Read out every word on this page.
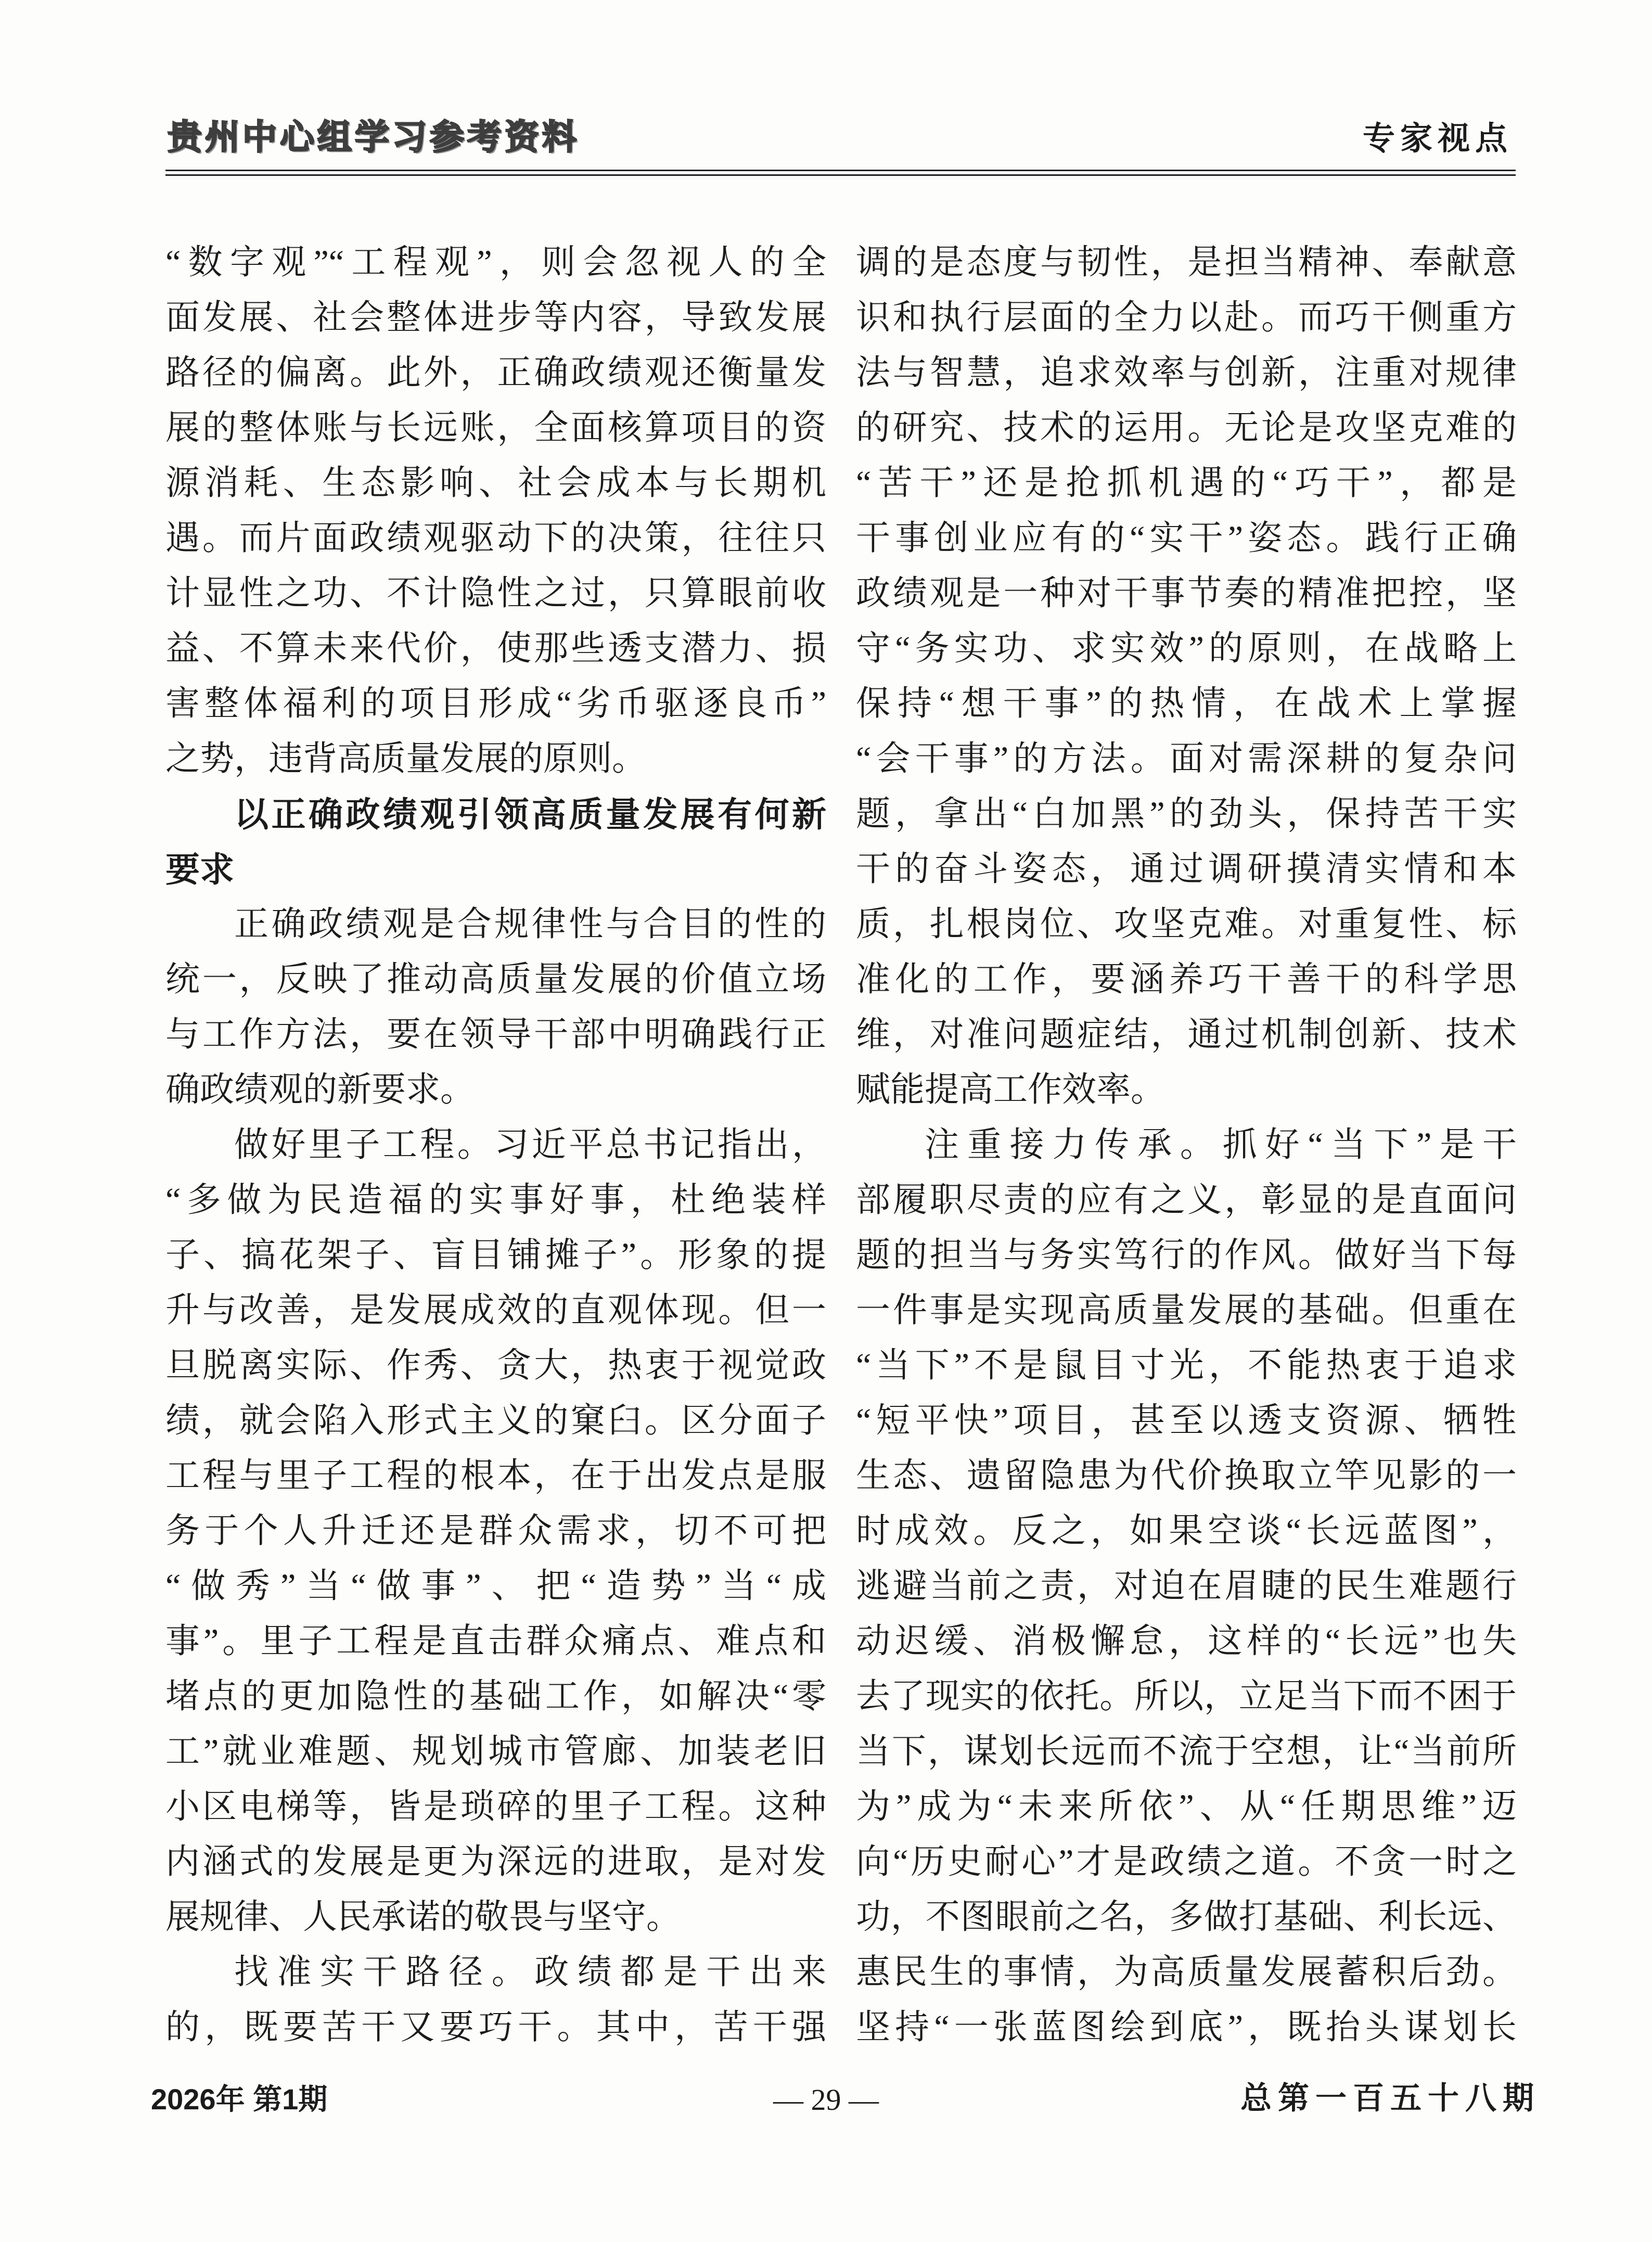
贵州中心组学习参考资料	专家视点
“数字观”“工程观”，则会忽视人的全
面发展、社会整体进步等内容，导致发展
路径的偏离。此外，正确政绩观还衡量发
展的整体账与长远账，全面核算项目的资
源消耗、生态影响、社会成本与长期机
遇。而片面政绩观驱动下的决策，往往只
计显性之功、不计隐性之过，只算眼前收
益、不算未来代价，使那些透支潜力、损
害整体福利的项目形成“劣币驱逐良币”
之势，违背高质量发展的原则。
以正确政绩观引领高质量发展有何新
要求
正确政绩观是合规律性与合目的性的
统一，反映了推动高质量发展的价值立场
与工作方法，要在领导干部中明确践行正
确政绩观的新要求。
做好里子工程。习近平总书记指出，
“多做为民造福的实事好事，杜绝装样
子、搞花架子、盲目铺摊子”。形象的提
升与改善，是发展成效的直观体现。但一
旦脱离实际、作秀、贪大，热衷于视觉政
绩，就会陷入形式主义的窠臼。区分面子
工程与里子工程的根本，在于出发点是服
务于个人升迁还是群众需求，切不可把
“做秀”当“做事”、把“造势”当“成
事”。里子工程是直击群众痛点、难点和
堵点的更加隐性的基础工作，如解决“零
工”就业难题、规划城市管廊、加装老旧
小区电梯等，皆是琐碎的里子工程。这种
内涵式的发展是更为深远的进取，是对发
展规律、人民承诺的敬畏与坚守。
找准实干路径。政绩都是干出来
的，既要苦干又要巧干。其中，苦干强
调的是态度与韧性，是担当精神、奉献意
识和执行层面的全力以赴。而巧干侧重方
法与智慧，追求效率与创新，注重对规律
的研究、技术的运用。无论是攻坚克难的
“苦干”还是抢抓机遇的“巧干”，都是
干事创业应有的“实干”姿态。践行正确
政绩观是一种对干事节奏的精准把控，坚
守“务实功、求实效”的原则，在战略上
保持“想干事”的热情，在战术上掌握
“会干事”的方法。面对需深耕的复杂问
题，拿出“白加黑”的劲头，保持苦干实
干的奋斗姿态，通过调研摸清实情和本
质，扎根岗位、攻坚克难。对重复性、标
准化的工作，要涵养巧干善干的科学思
维，对准问题症结，通过机制创新、技术
赋能提高工作效率。
注重接力传承。抓好“当下”是干
部履职尽责的应有之义，彰显的是直面问
题的担当与务实笃行的作风。做好当下每
一件事是实现高质量发展的基础。但重在
“当下”不是鼠目寸光，不能热衷于追求
“短平快”项目，甚至以透支资源、牺牲
生态、遗留隐患为代价换取立竿见影的一
时成效。反之，如果空谈“长远蓝图”，
逃避当前之责，对迫在眉睫的民生难题行
动迟缓、消极懈怠，这样的“长远”也失
去了现实的依托。所以，立足当下而不困于
当下，谋划长远而不流于空想，让“当前所
为”成为“未来所依”、从“任期思维”迈
向“历史耐心”才是政绩之道。不贪一时之
功，不图眼前之名，多做打基础、利长远、
惠民生的事情，为高质量发展蓄积后劲。
坚持“一张蓝图绘到底”，既抬头谋划长
2026年 第1期	— 29 —	总第一百五十八期
